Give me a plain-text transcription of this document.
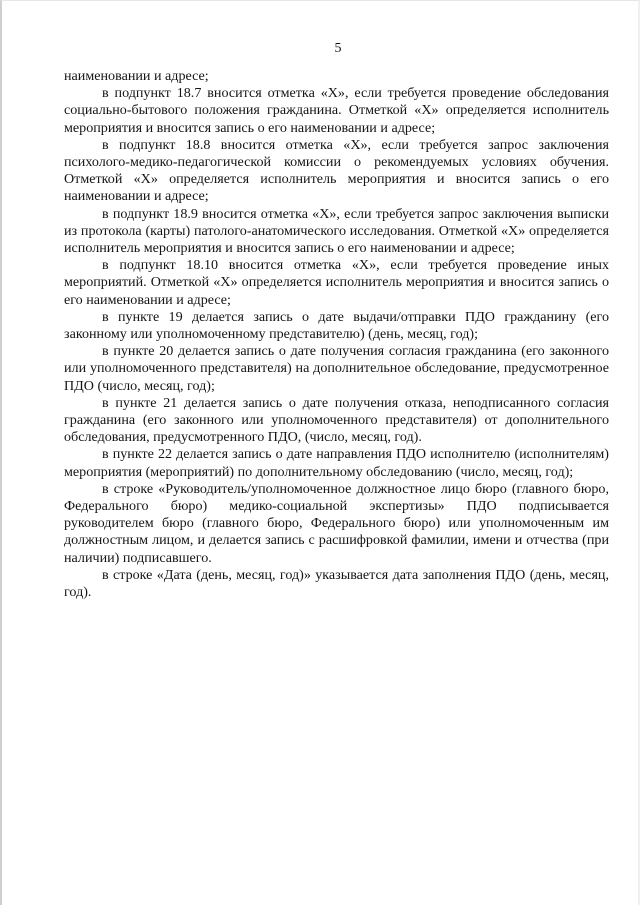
5

наименовании и адресе;

в подпункт 18.7 вносится отметка «Х», если требуется проведение обследования социально-бытового положения гражданина. Отметкой «Х» определяется исполнитель мероприятия и вносится запись о его наименовании и адресе;

в подпункт 18.8 вносится отметка «Х», если требуется запрос заключения психолого-медико-педагогической комиссии о рекомендуемых условиях обучения. Отметкой «Х» определяется исполнитель мероприятия и вносится запись о его наименовании и адресе;

в подпункт 18.9 вносится отметка «Х», если требуется запрос заключения выписки из протокола (карты) патолого-анатомического исследования. Отметкой «Х» определяется исполнитель мероприятия и вносится запись о его наименовании и адресе;

в подпункт 18.10 вносится отметка «Х», если требуется проведение иных мероприятий. Отметкой «Х» определяется исполнитель мероприятия и вносится запись о его наименовании и адресе;

в пункте 19 делается запись о дате выдачи/отправки ПДО гражданину (его законному или уполномоченному представителю) (день, месяц, год);

в пункте 20 делается запись о дате получения согласия гражданина (его законного или уполномоченного представителя) на дополнительное обследование, предусмотренное ПДО (число, месяц, год);

в пункте 21 делается запись о дате получения отказа, неподписанного согласия гражданина (его законного или уполномоченного представителя) от дополнительного обследования, предусмотренного ПДО, (число, месяц, год).

в пункте 22 делается запись о дате направления ПДО исполнителю (исполнителям) мероприятия (мероприятий) по дополнительному обследованию (число, месяц, год);

в строке «Руководитель/уполномоченное должностное лицо бюро (главного бюро, Федерального бюро) медико-социальной экспертизы» ПДО подписывается руководителем бюро (главного бюро, Федерального бюро) или уполномоченным им должностным лицом, и делается запись с расшифровкой фамилии, имени и отчества (при наличии) подписавшего.

в строке «Дата (день, месяц, год)» указывается дата заполнения ПДО (день, месяц, год).
